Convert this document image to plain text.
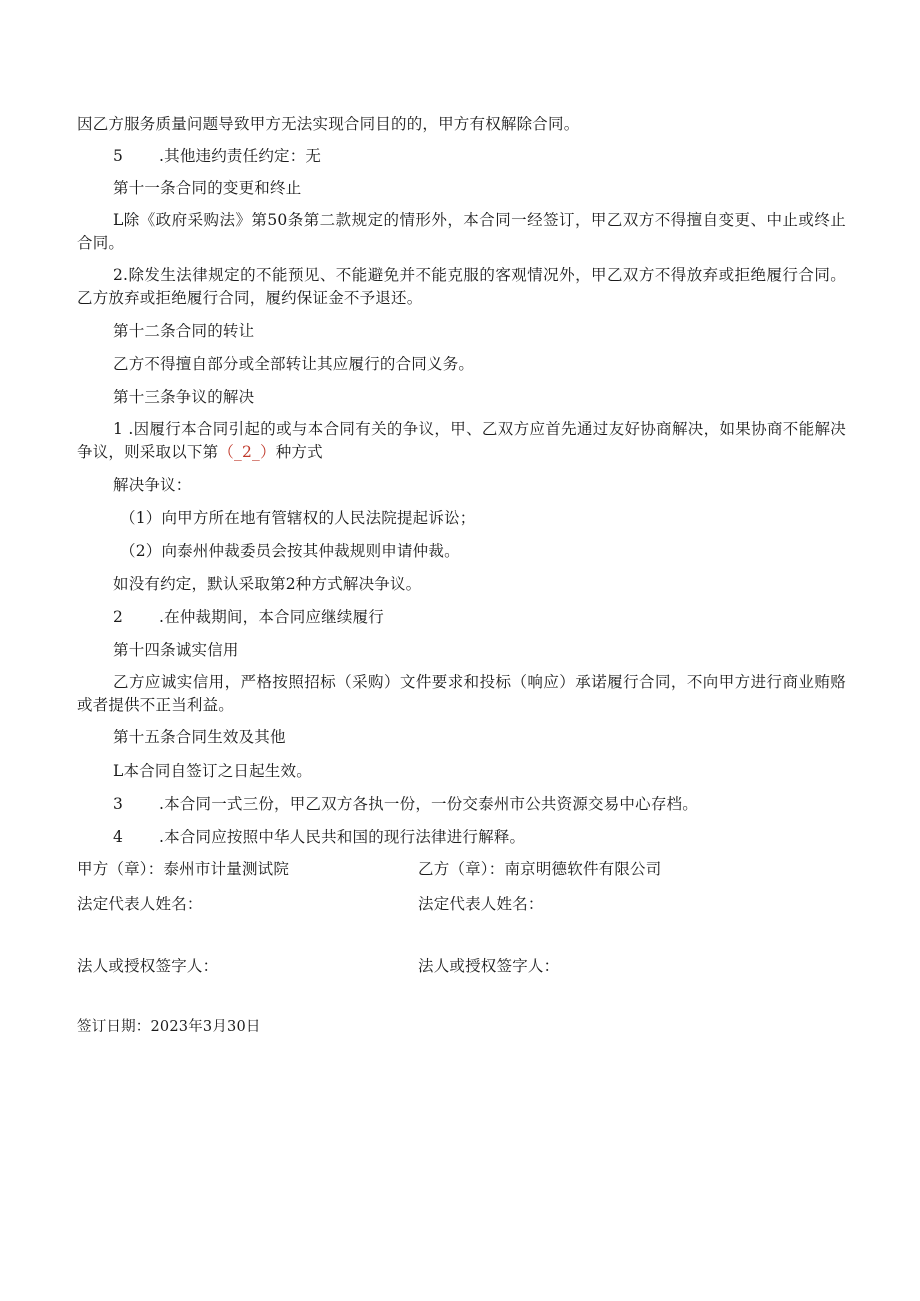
因乙方服务质量问题导致甲方无法实现合同目的的，甲方有权解除合同。
5 .其他违约责任约定：无
第十一条合同的变更和终止
L除《政府采购法》第50条第二款规定的情形外，本合同一经签订，甲乙双方不得擅自变更、中止或终止合同。
2.除发生法律规定的不能预见、不能避免并不能克服的客观情况外，甲乙双方不得放弃或拒绝履行合同。乙方放弃或拒绝履行合同，履约保证金不予退还。
第十二条合同的转让
乙方不得擅自部分或全部转让其应履行的合同义务。
第十三条争议的解决
1 .因履行本合同引起的或与本合同有关的争议，甲、乙双方应首先通过友好协商解决，如果协商不能解决争议，则采取以下第（_2_）种方式
解决争议：
（1）向甲方所在地有管辖权的人民法院提起诉讼；
（2）向泰州仲裁委员会按其仲裁规则申请仲裁。
如没有约定，默认采取第2种方式解决争议。
2 .在仲裁期间，本合同应继续履行
第十四条诚实信用
乙方应诚实信用，严格按照招标（采购）文件要求和投标（响应）承诺履行合同，不向甲方进行商业贿赂或者提供不正当利益。
第十五条合同生效及其他
L本合同自签订之日起生效。
3 .本合同一式三份，甲乙双方各执一份，一份交泰州市公共资源交易中心存档。
4 .本合同应按照中华人民共和国的现行法律进行解释。
甲方（章）：泰州市计量测试院	乙方（章）：南京明德软件有限公司
法定代表人姓名：	法定代表人姓名：
法人或授权签字人：	法人或授权签字人：
签订日期：2023年3月30日
